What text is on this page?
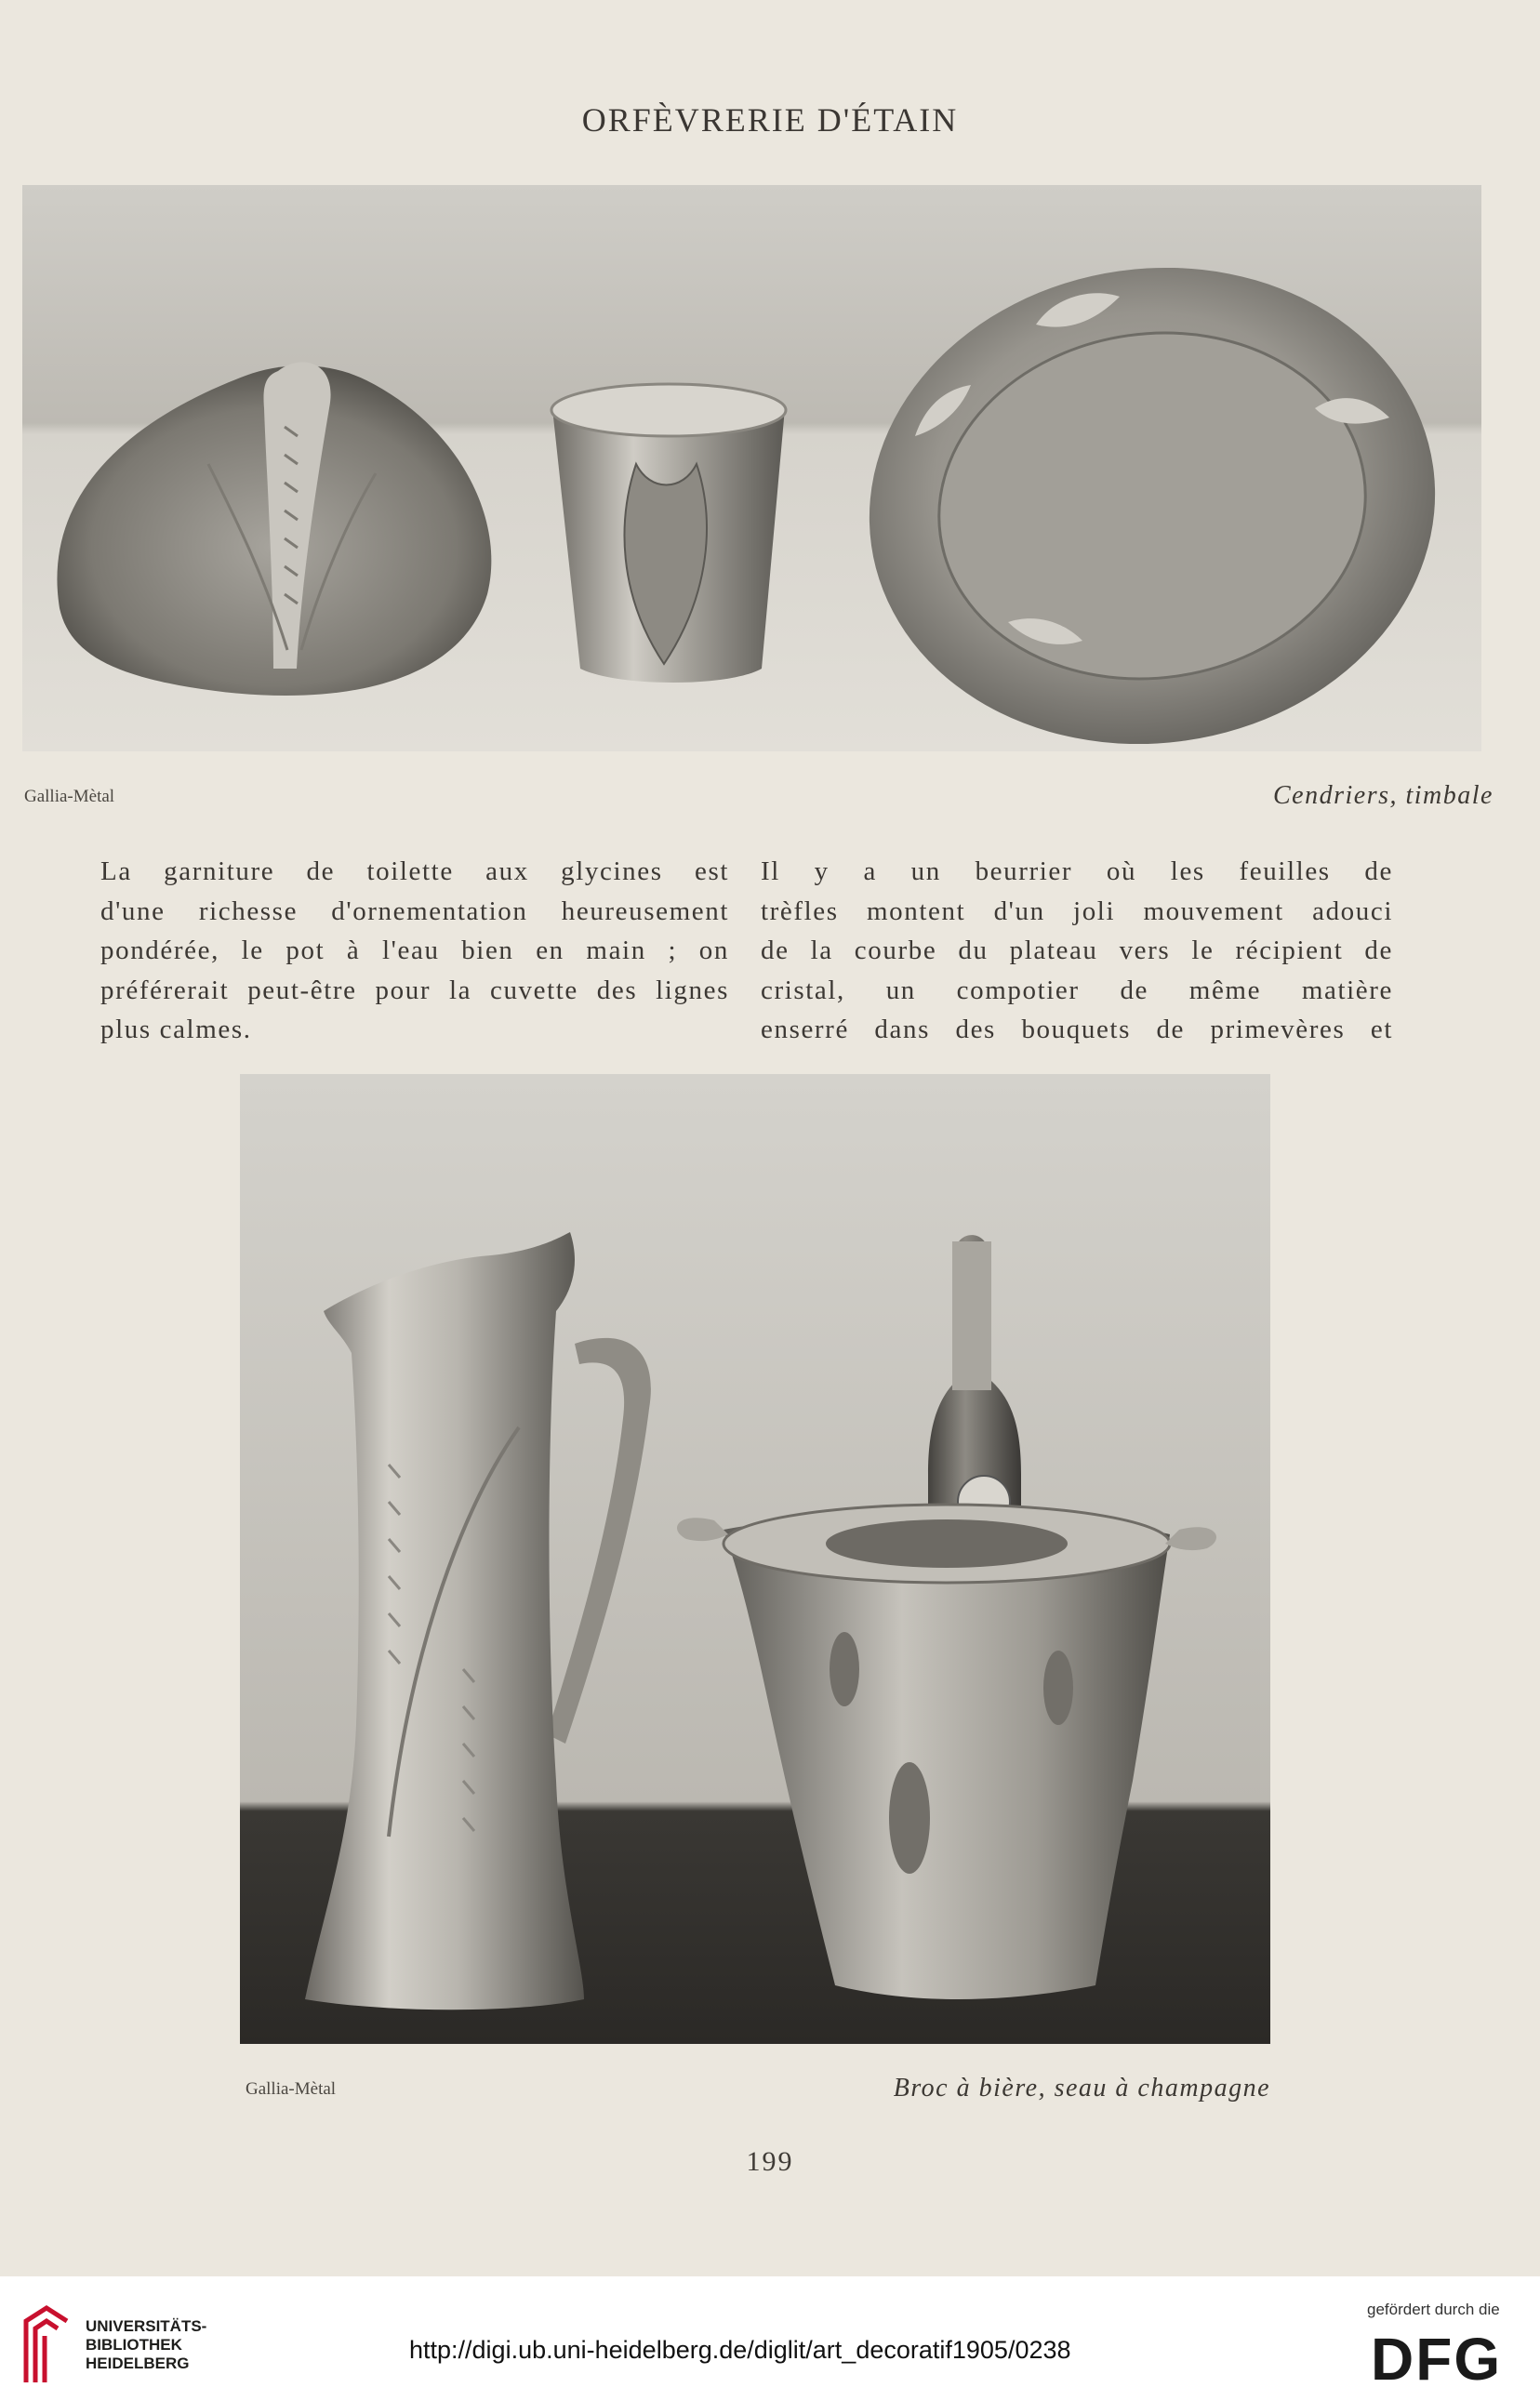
ORFÈVRERIE D'ÉTAIN
Gallia-Mètal	Cendriers, timbale
La garniture de toilette aux glycines est
d'une richesse d'ornementation heureusement
pondérée, le pot à l'eau bien en main ; on
préférerait peut-être pour la cuvette des lignes
plus calmes.
Il y a un beurrier où les feuilles de
trèfles montent d'un joli mouvement adouci
de la courbe du plateau vers le récipient de
cristal, un compotier de même matière
enserré dans des bouquets de primevères et
Gallia-Mètal	Broc à bière, seau à champagne
199
UNIVERSITÄTS-
BIBLIOTHEK
HEIDELBERG	http://digi.ub.uni-heidelberg.de/diglit/art_decoratif1905/0238
gefördert durch die
DFG
